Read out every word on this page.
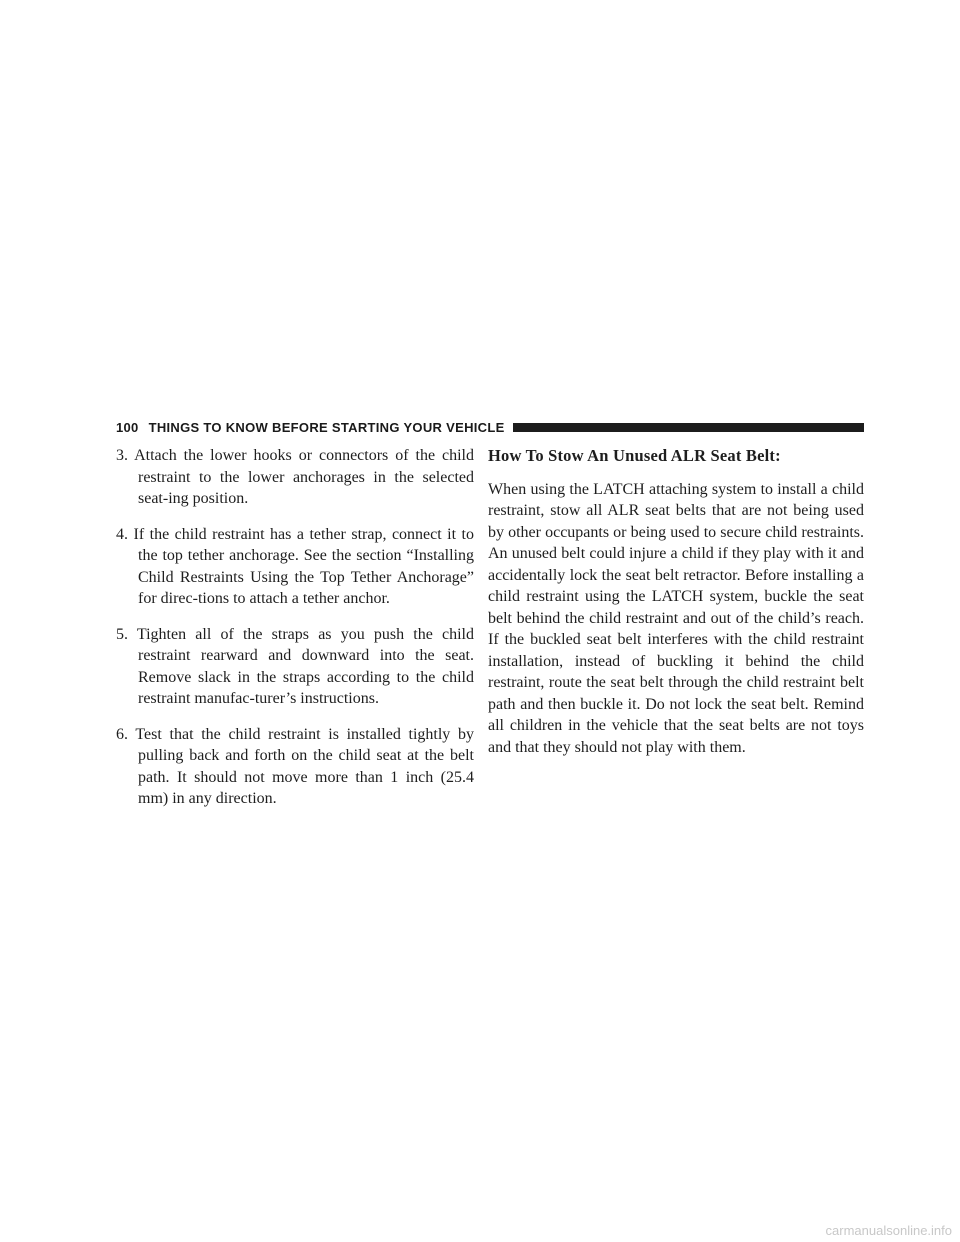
100 THINGS TO KNOW BEFORE STARTING YOUR VEHICLE
3. Attach the lower hooks or connectors of the child restraint to the lower anchorages in the selected seat-ing position.
4. If the child restraint has a tether strap, connect it to the top tether anchorage. See the section “Installing Child Restraints Using the Top Tether Anchorage” for direc-tions to attach a tether anchor.
5. Tighten all of the straps as you push the child restraint rearward and downward into the seat. Remove slack in the straps according to the child restraint manufac-turer’s instructions.
6. Test that the child restraint is installed tightly by pulling back and forth on the child seat at the belt path. It should not move more than 1 inch (25.4 mm) in any direction.
How To Stow An Unused ALR Seat Belt:

When using the LATCH attaching system to install a child restraint, stow all ALR seat belts that are not being used by other occupants or being used to secure child restraints. An unused belt could injure a child if they play with it and accidentally lock the seat belt retractor. Before installing a child restraint using the LATCH system, buckle the seat belt behind the child restraint and out of the child’s reach. If the buckled seat belt interferes with the child restraint installation, instead of buckling it behind the child restraint, route the seat belt through the child restraint belt path and then buckle it. Do not lock the seat belt. Remind all children in the vehicle that the seat belts are not toys and that they should not play with them.

carmanualsonline.info
